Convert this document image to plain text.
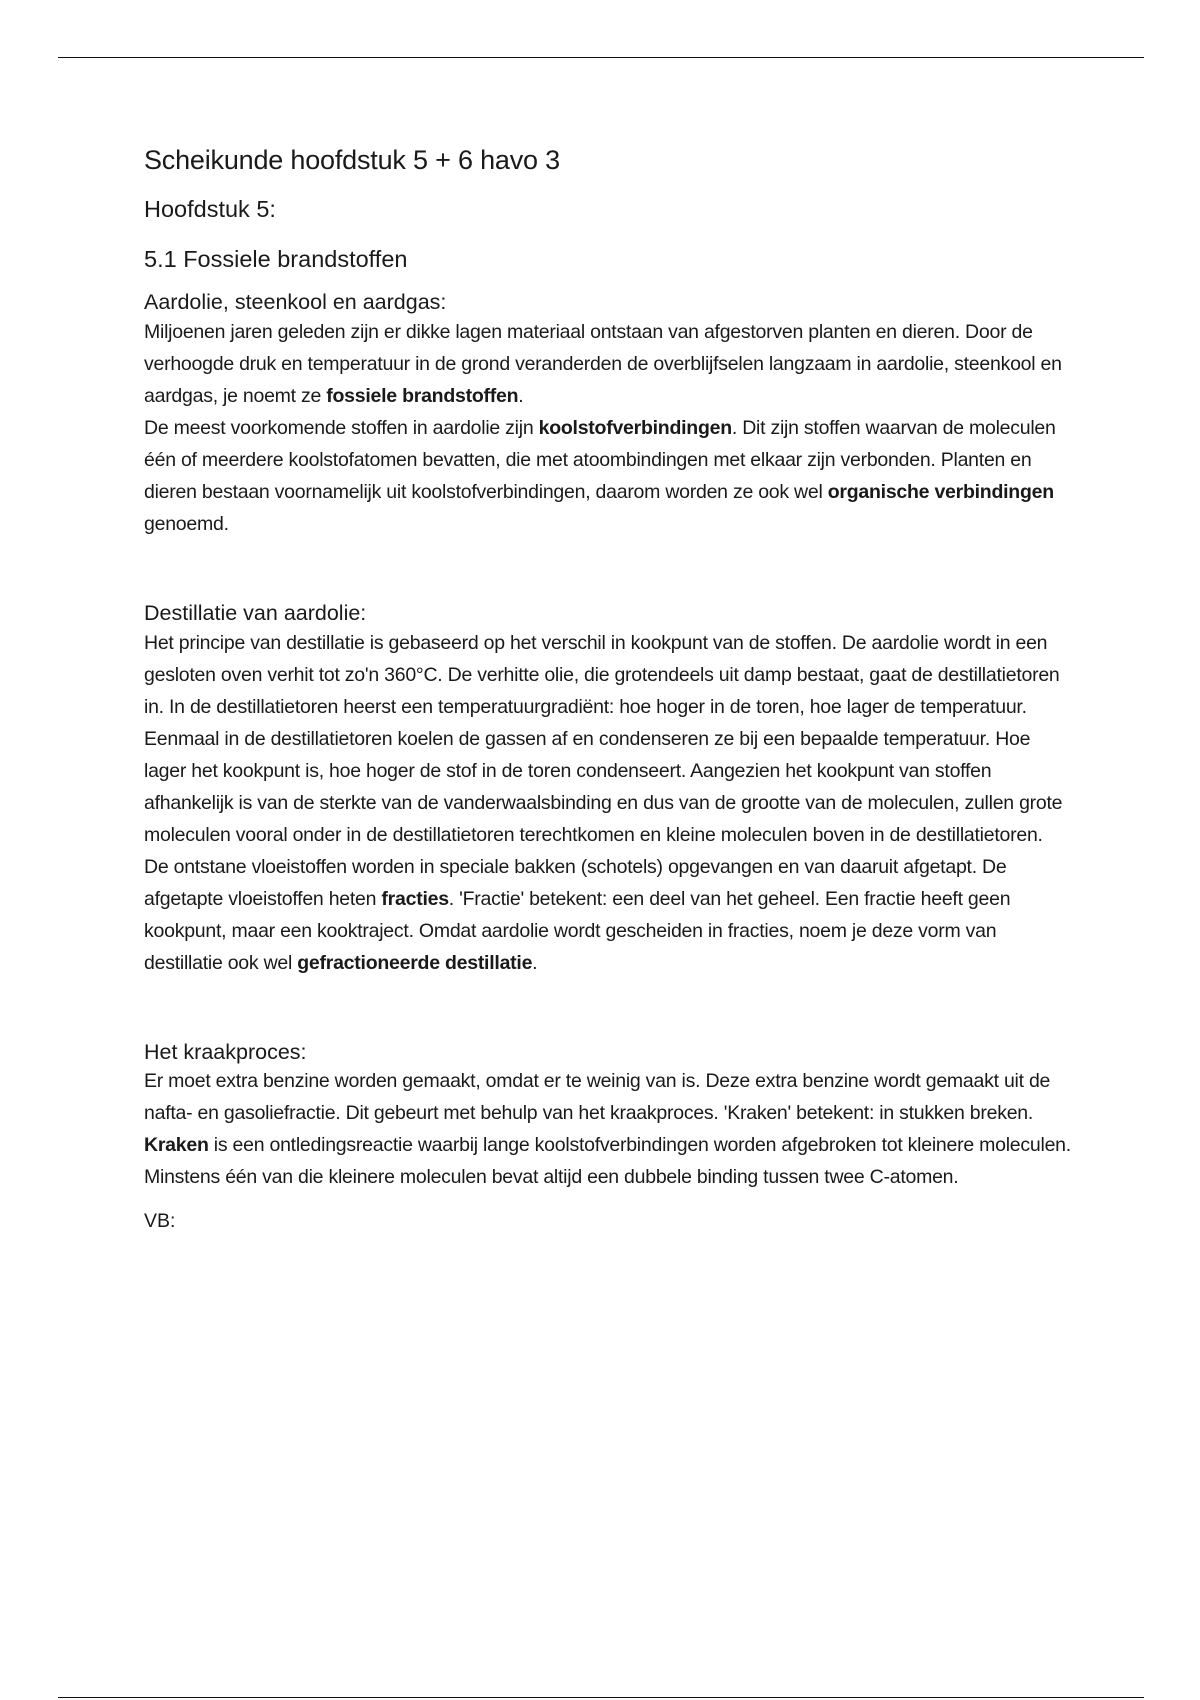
Scheikunde hoofdstuk 5 + 6 havo 3
Hoofdstuk 5:
5.1 Fossiele brandstoffen
Aardolie, steenkool en aardgas:

Miljoenen jaren geleden zijn er dikke lagen materiaal ontstaan van afgestorven planten en dieren. Door de verhoogde druk en temperatuur in de grond veranderden de overblijfselen langzaam in aardolie, steenkool en aardgas, je noemt ze fossiele brandstoffen.

De meest voorkomende stoffen in aardolie zijn koolstofverbindingen. Dit zijn stoffen waarvan de moleculen één of meerdere koolstofatomen bevatten, die met atoombindingen met elkaar zijn verbonden. Planten en dieren bestaan voornamelijk uit koolstofverbindingen, daarom worden ze ook wel organische verbindingen genoemd.

Destillatie van aardolie:

Het principe van destillatie is gebaseerd op het verschil in kookpunt van de stoffen. De aardolie wordt in een gesloten oven verhit tot zo'n 360°C. De verhitte olie, die grotendeels uit damp bestaat, gaat de destillatietoren in. In de destillatietoren heerst een temperatuurgradiënt: hoe hoger in de toren, hoe lager de temperatuur. Eenmaal in de destillatietoren koelen de gassen af en condenseren ze bij een bepaalde temperatuur. Hoe lager het kookpunt is, hoe hoger de stof in de toren condenseert. Aangezien het kookpunt van stoffen afhankelijk is van de sterkte van de vanderwaalsbinding en dus van de grootte van de moleculen, zullen grote moleculen vooral onder in de destillatietoren terechtkomen en kleine moleculen boven in de destillatietoren.

De ontstane vloeistoffen worden in speciale bakken (schotels) opgevangen en van daaruit afgetapt. De afgetapte vloeistoffen heten fracties. 'Fractie' betekent: een deel van het geheel. Een fractie heeft geen kookpunt, maar een kooktraject. Omdat aardolie wordt gescheiden in fracties, noem je deze vorm van destillatie ook wel gefractioneerde destillatie.

Het kraakproces:

Er moet extra benzine worden gemaakt, omdat er te weinig van is. Deze extra benzine wordt gemaakt uit de nafta- en gasoliefractie. Dit gebeurt met behulp van het kraakproces. 'Kraken' betekent: in stukken breken. Kraken is een ontledingsreactie waarbij lange koolstofverbindingen worden afgebroken tot kleinere moleculen. Minstens één van die kleinere moleculen bevat altijd een dubbele binding tussen twee C-atomen.

VB:
